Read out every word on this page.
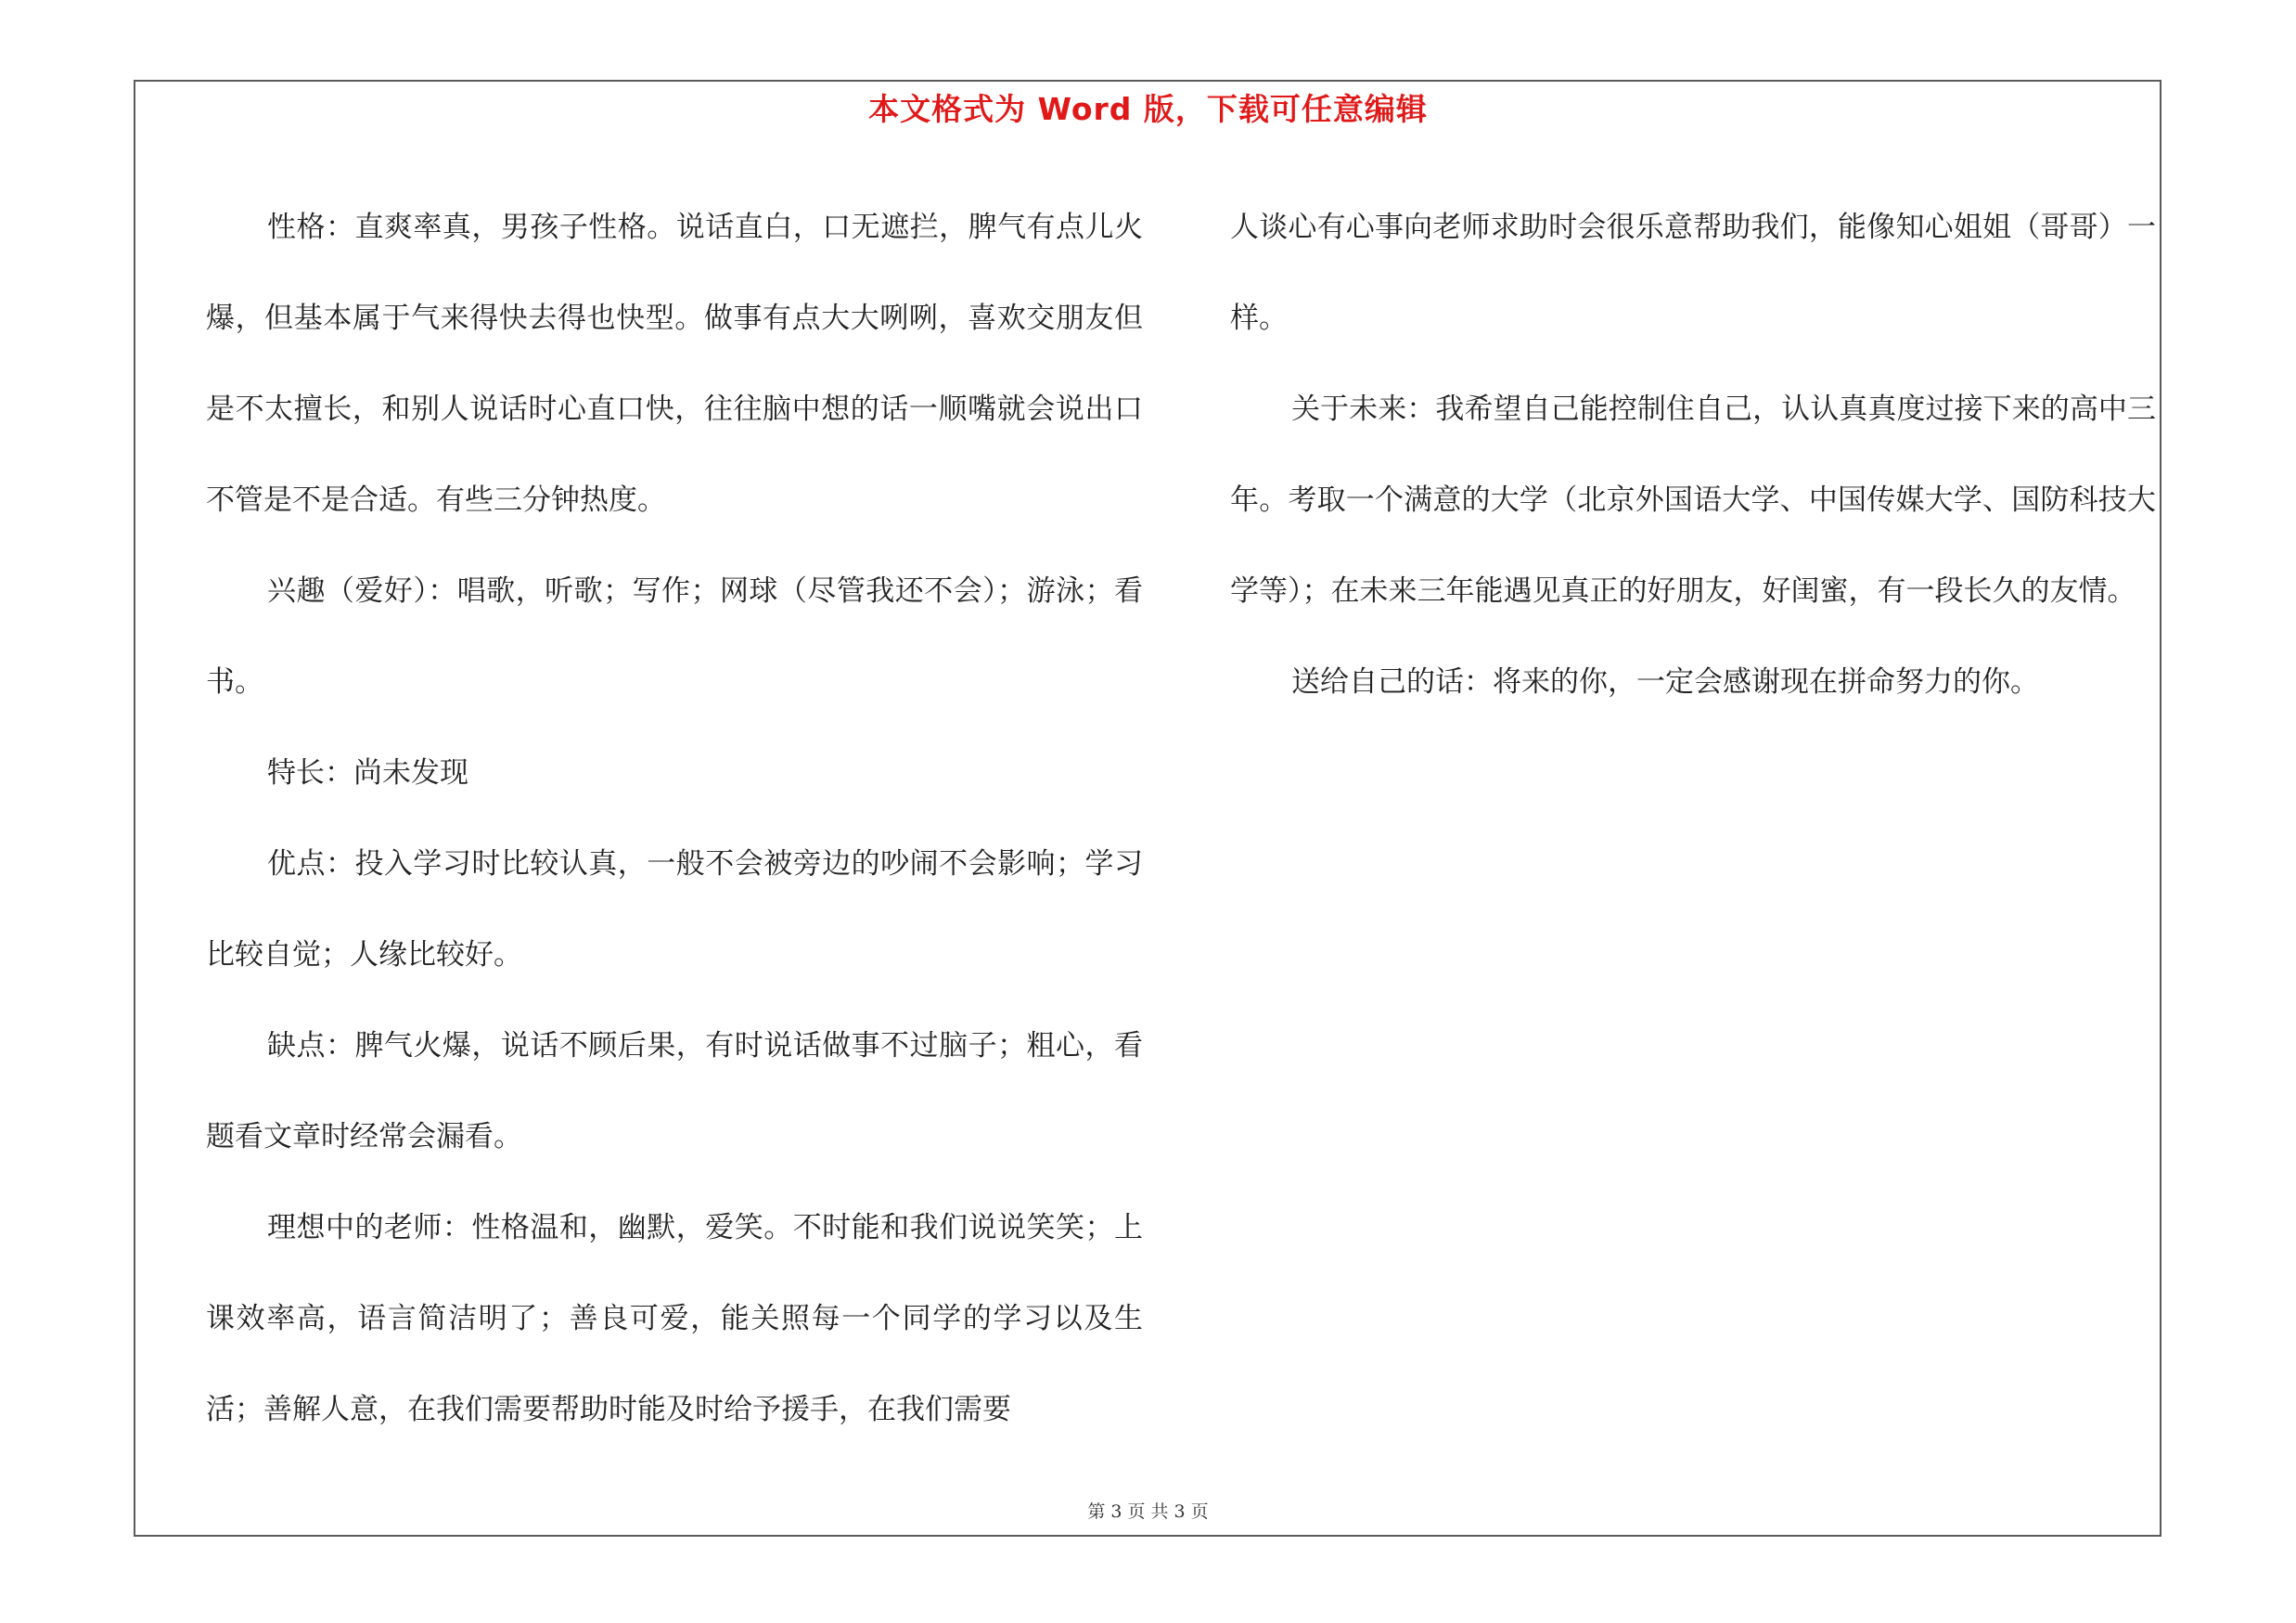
本文格式为 Word 版，下载可任意编辑

性格：直爽率真，男孩子性格。说话直白，口无遮拦，脾气有点儿火爆，但基本属于气来得快去得也快型。做事有点大大咧咧，喜欢交朋友但是不太擅长，和别人说话时心直口快，往往脑中想的话一顺嘴就会说出口不管是不是合适。有些三分钟热度。

兴趣（爱好）：唱歌，听歌；写作；网球（尽管我还不会）；游泳；看书。

特长：尚未发现

优点：投入学习时比较认真，一般不会被旁边的吵闹不会影响；学习比较自觉；人缘比较好。

缺点：脾气火爆，说话不顾后果，有时说话做事不过脑子；粗心，看题看文章时经常会漏看。

理想中的老师：性格温和，幽默，爱笑。不时能和我们说说笑笑；上课效率高，语言简洁明了；善良可爱，能关照每一个同学的学习以及生活；善解人意，在我们需要帮助时能及时给予援手，在我们需要

人谈心有心事向老师求助时会很乐意帮助我们，能像知心姐姐（哥哥）一样。

关于未来：我希望自己能控制住自己，认认真真度过接下来的高中三年。考取一个满意的大学（北京外国语大学、中国传媒大学、国防科技大学等）；在未来三年能遇见真正的好朋友，好闺蜜，有一段长久的友情。

送给自己的话：将来的你，一定会感谢现在拼命努力的你。

第 3 页 共 3 页
